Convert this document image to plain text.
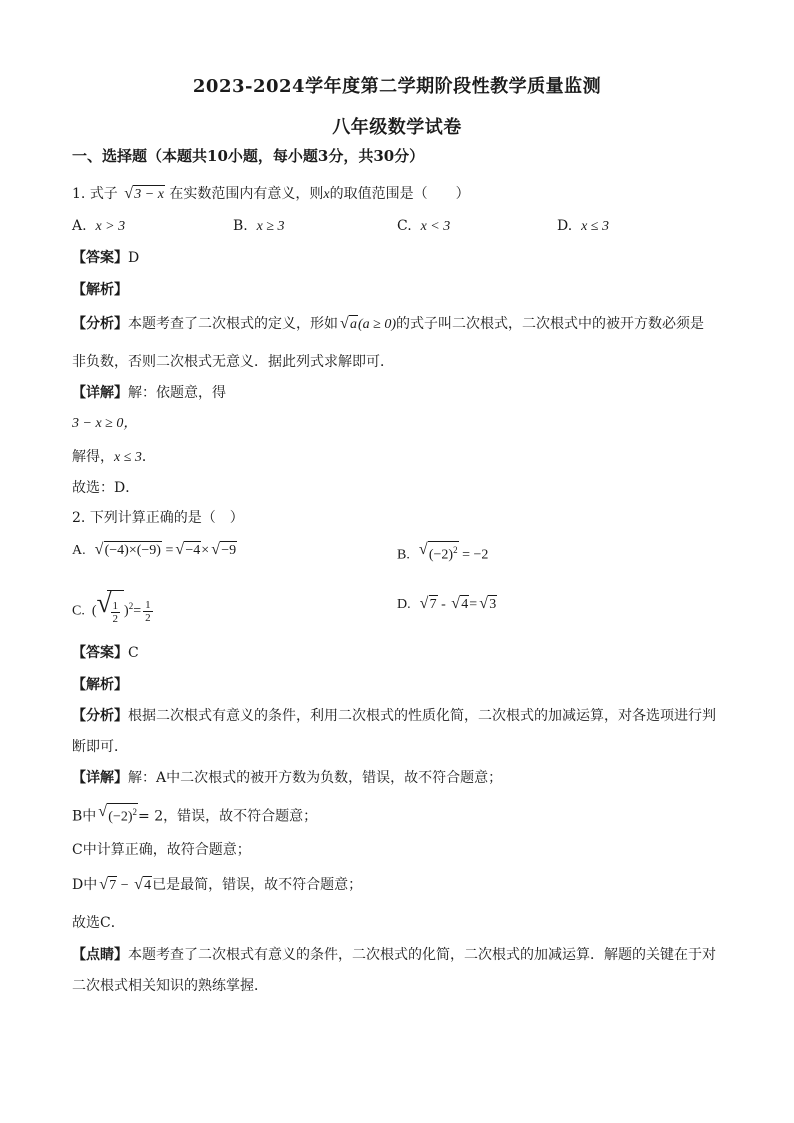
2023-2024学年度第二学期阶段性教学质量监测
八年级数学试卷
一、选择题（本题共10小题，每小题3分，共30分）
1. 式子 √ 3 − x 在实数范围内有意义，则x的取值范围是（　　）
A. x > 3	B. x ≥ 3	C. x < 3	D. x ≤ 3
【答案】D
【解析】
【分析】本题考查了二次根式的定义，形如 √ a(a ≥ 0)的式子叫二次根式，二次根式中的被开方数必须是
非负数，否则二次根式无意义．据此列式求解即可．
【详解】解：依题意，得
3 − x ≥ 0，
解得，x ≤ 3．
故选：D．
2. 下列计算正确的是（　）
A. √ (−4)×(−9) = √ −4× √ −9	B. √ $(-2)^2 = -2$
C.  ( √
$\frac{1}{2} )^2= \frac{1}{2}$	D. √ 7 - √ 4= √ 3
【答案】C
【解析】
【分析】根据二次根式有意义的条件，利用二次根式的性质化简，二次根式的加减运算，对各选项进行判
断即可．
【详解】解：A中二次根式的被开方数为负数，错误，故不符合题意；
B中 √ $(-2)^2= 2$，错误，故不符合题意；
C中计算正确，故符合题意；
D中 √ 7 − √ 4已是最简，错误，故不符合题意；
故选C．
【点睛】本题考查了二次根式有意义的条件，二次根式的化简，二次根式的加减运算．解题的关键在于对
二次根式相关知识的熟练掌握．
